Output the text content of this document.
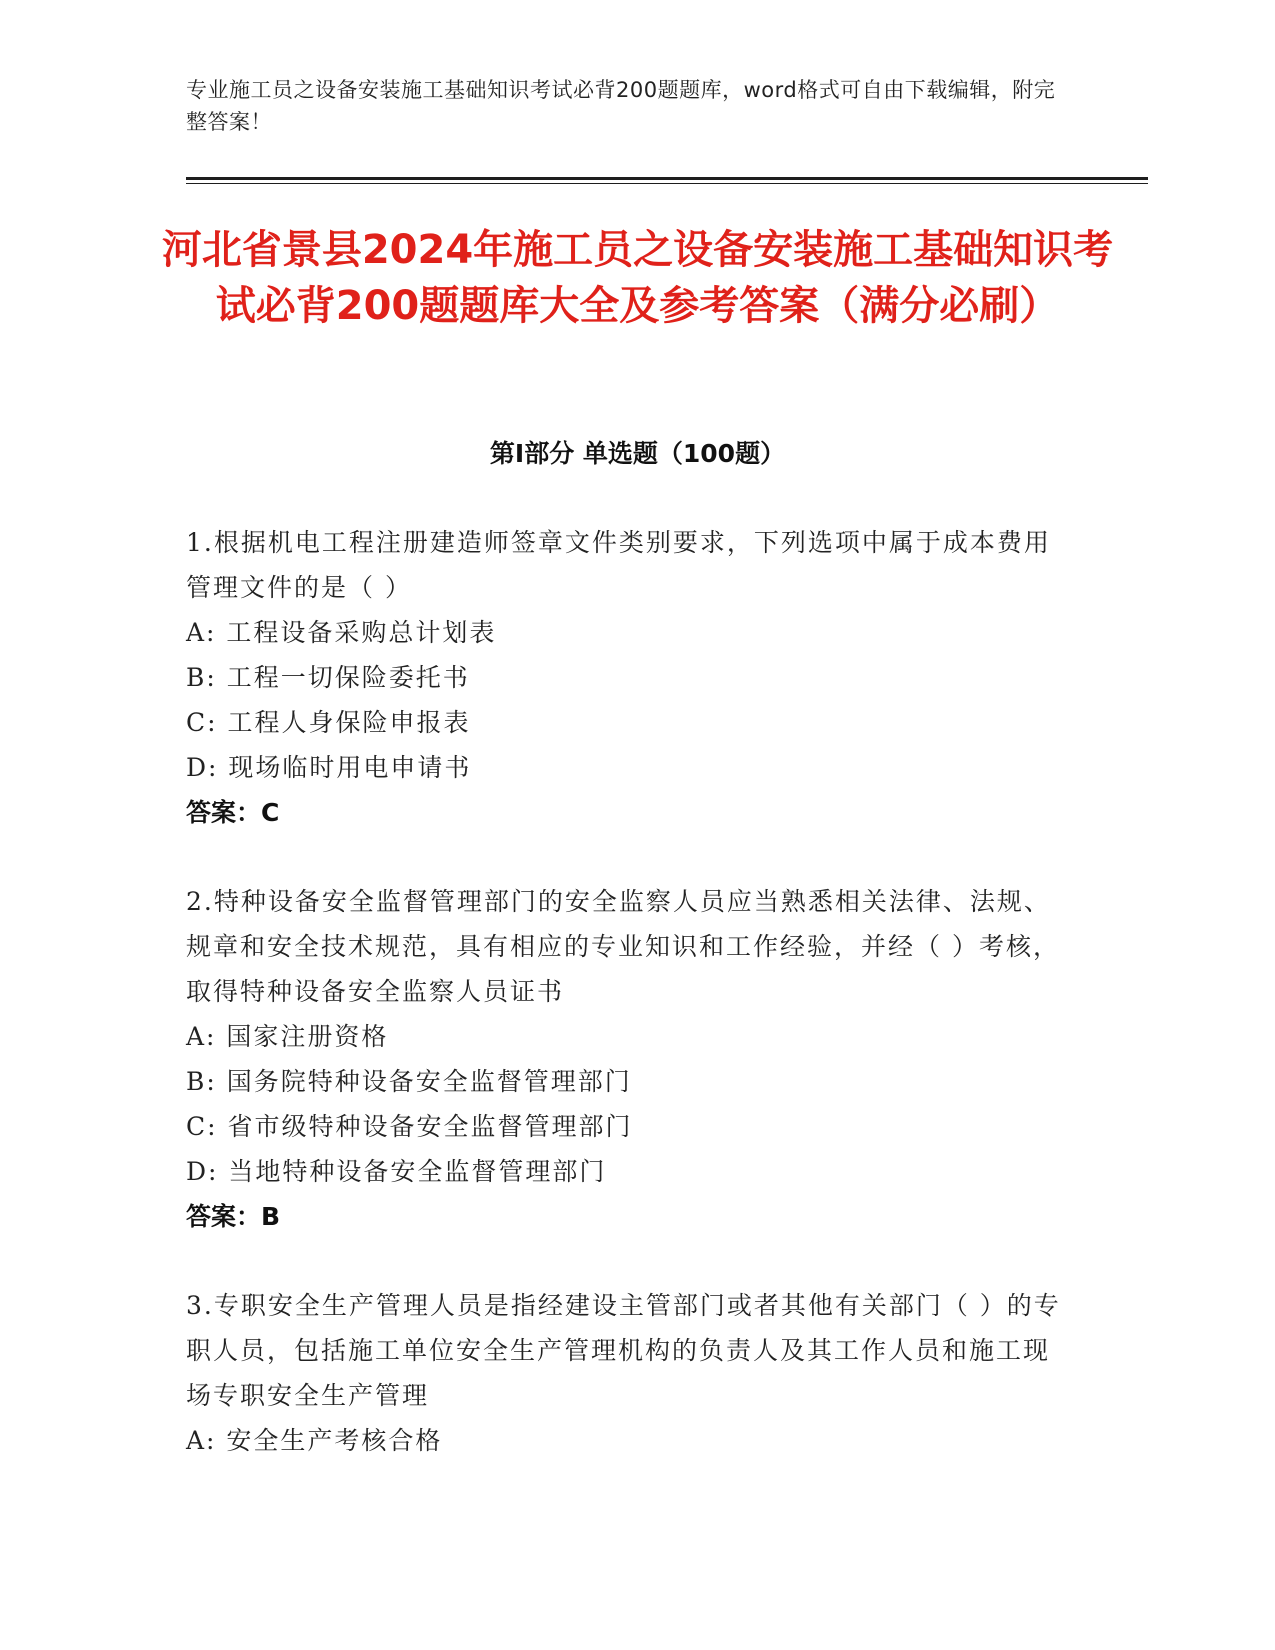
专业施工员之设备安装施工基础知识考试必背200题题库，word格式可自由下载编辑，附完整答案！
河北省景县2024年施工员之设备安装施工基础知识考试必背200题题库大全及参考答案（满分必刷）
第Ⅰ部分 单选题（100题）
1.根据机电工程注册建造师签章文件类别要求，下列选项中属于成本费用管理文件的是（ ）
A: 工程设备采购总计划表
B: 工程一切保险委托书
C: 工程人身保险申报表
D: 现场临时用电申请书
答案：C
2.特种设备安全监督管理部门的安全监察人员应当熟悉相关法律、法规、规章和安全技术规范，具有相应的专业知识和工作经验，并经（ ）考核，取得特种设备安全监察人员证书
A: 国家注册资格
B: 国务院特种设备安全监督管理部门
C: 省市级特种设备安全监督管理部门
D: 当地特种设备安全监督管理部门
答案：B
3.专职安全生产管理人员是指经建设主管部门或者其他有关部门（ ）的专职人员，包括施工单位安全生产管理机构的负责人及其工作人员和施工现场专职安全生产管理
A: 安全生产考核合格
